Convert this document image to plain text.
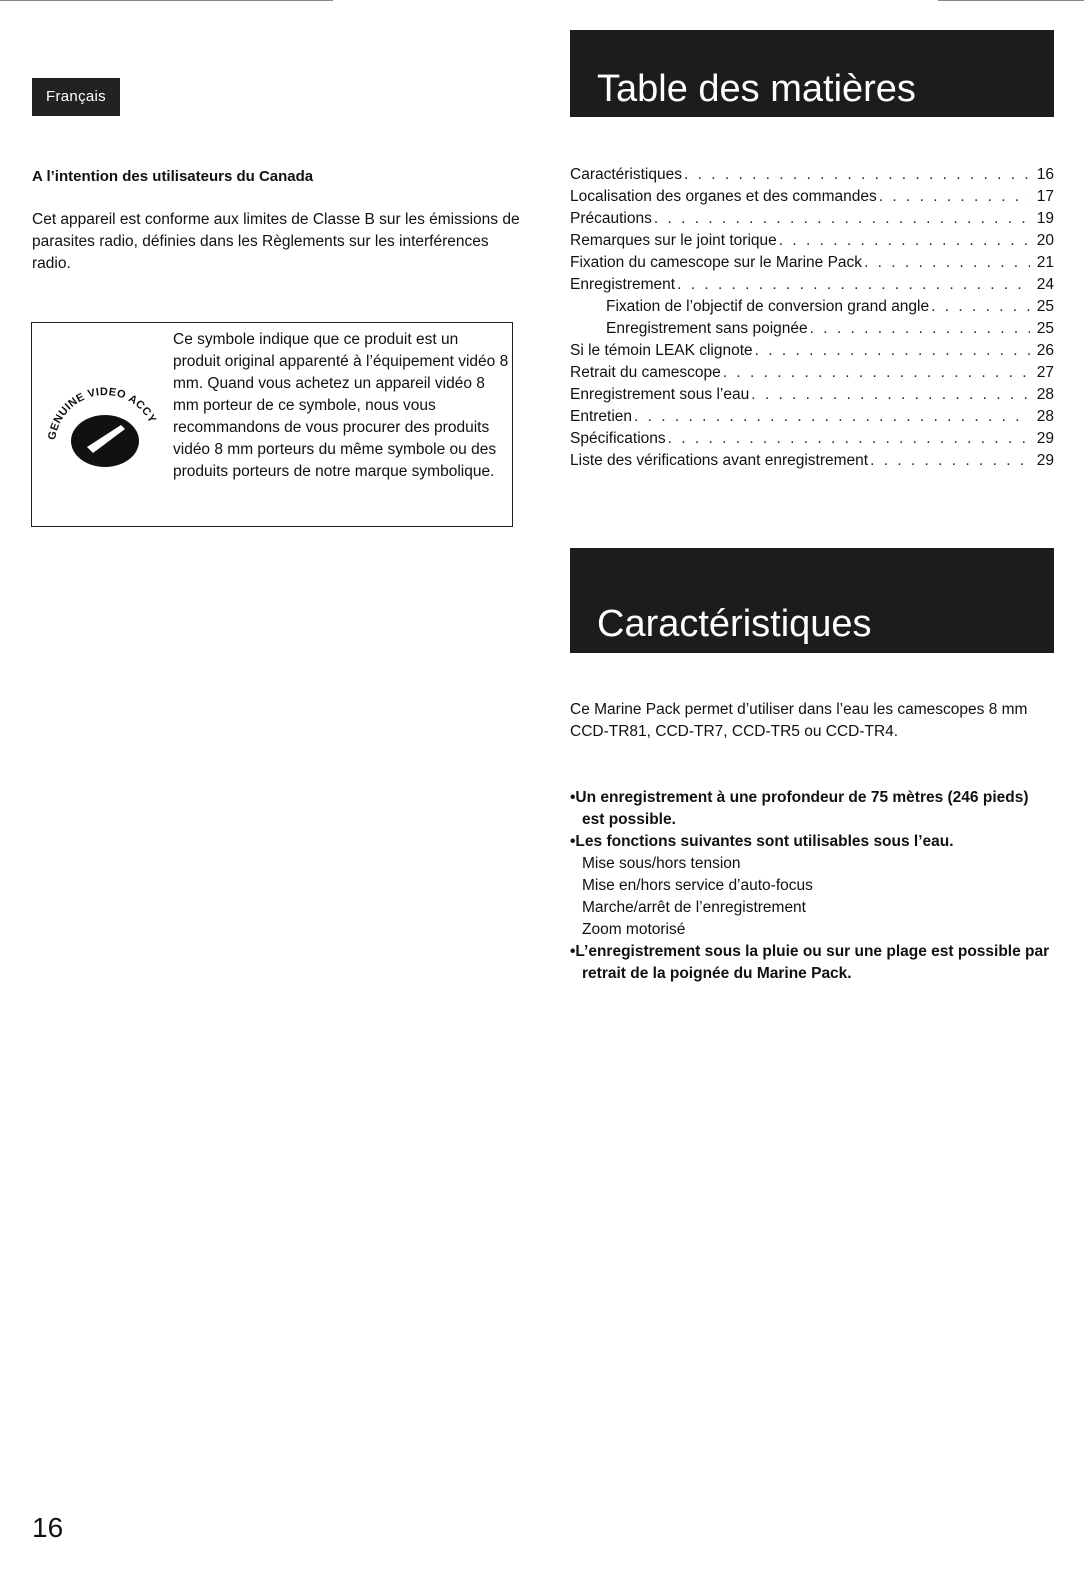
Français
A l’intention des utilisateurs du Canada

Cet appareil est conforme aux limites de Classe B sur les émissions de parasites radio, définies dans les Règlements sur les interférences radio.

GENUINE VIDEO ACCY

Ce symbole indique que ce produit est un produit original apparenté à l’équipement vidéo 8 mm. Quand vous achetez un appareil vidéo 8 mm porteur de ce symbole, nous vous recommandons de vous procurer des produits vidéo 8 mm porteurs du même symbole ou des produits porteurs de notre marque symbolique.

Table des matières
Caractéristiques . . .	16
Localisation des organes et des commandes . . .	17
Précautions . . .	19
Remarques sur le joint torique . . .	20
Fixation du camescope sur le Marine Pack . . .	21
Enregistrement . . .	24
Fixation de l’objectif de conversion grand angle . . .	25
Enregistrement sans poignée . . .	25
Si le témoin LEAK clignote . . .	26
Retrait du camescope . . .	27
Enregistrement sous l’eau . . .	28
Entretien . . .	28
Spécifications . . .	29
Liste des vérifications avant enregistrement . . .	29
Caractéristiques

Ce Marine Pack permet d’utiliser dans l’eau les camescopes 8 mm CCD-TR81, CCD-TR7, CCD-TR5 ou CCD-TR4.

•Un enregistrement à une profondeur de 75 mètres (246 pieds) est possible.
•Les fonctions suivantes sont utilisables sous l’eau.
Mise sous/hors tension
Mise en/hors service d’auto-focus
Marche/arrêt de l’enregistrement
Zoom motorisé
•L’enregistrement sous la pluie ou sur une plage est possible par retrait de la poignée du Marine Pack.
16
